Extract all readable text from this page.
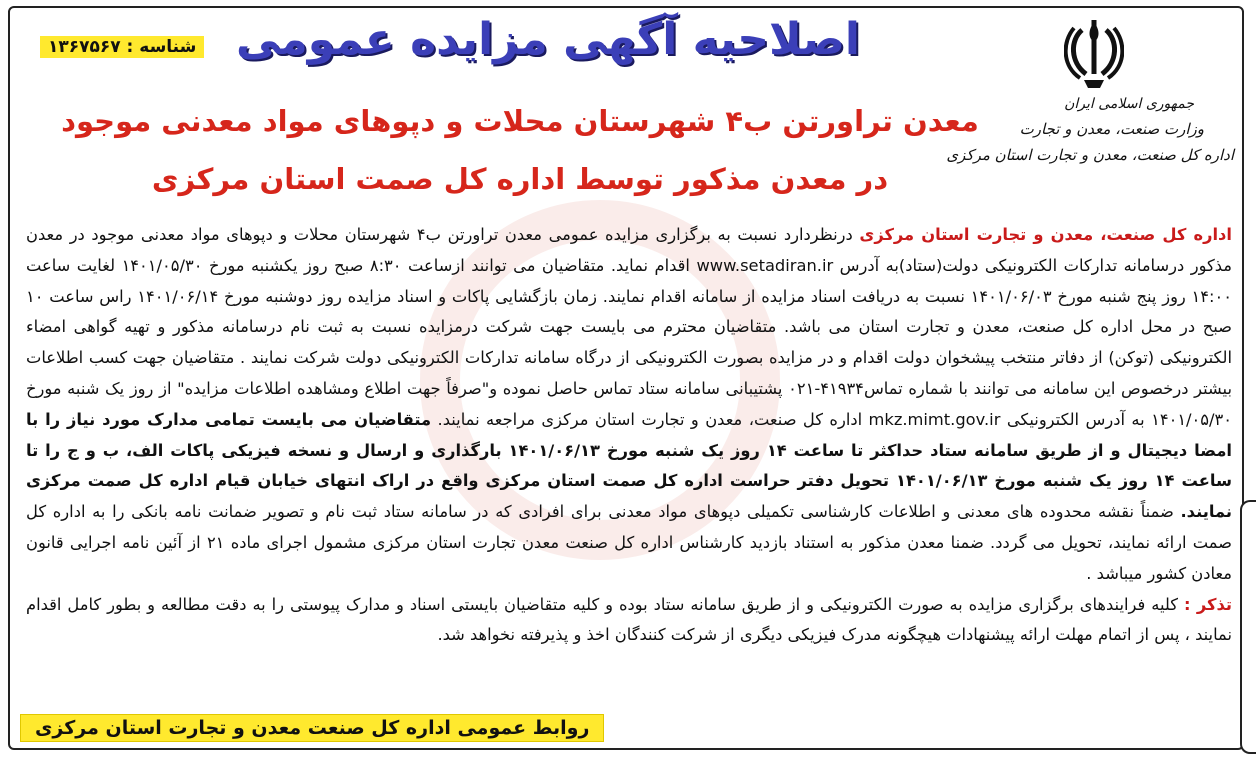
جمهوری اسلامی ایران
وزارت صنعت، معدن و تجارت
اداره کل صنعت، معدن و تجارت استان مرکزی
شناسه : ۱۳۶۷۵۶۷ اصلاحیه آگهی مزایده عمومی
معدن تراورتن ب۴ شهرستان محلات و دپوهای مواد معدنی موجود
در معدن مذکور توسط اداره کل صمت استان مرکزی

اداره کل صنعت، معدن و تجارت استان مرکزی درنظردارد نسبت به برگزاری مزایده عمومی معدن تراورتن ب۴ شهرستان محلات و دپوهای مواد معدنی موجود در معدن مذکور درسامانه تدارکات الکترونیکی دولت(ستاد)به آدرس www.setadiran.ir اقدام نماید. متقاضیان می توانند ازساعت ۸:۳۰ صبح روز یکشنبه مورخ ۱۴۰۱/۰۵/۳۰ لغایت ساعت ۱۴:۰۰ روز پنج شنبه مورخ ۱۴۰۱/۰۶/۰۳ نسبت به دریافت اسناد مزایده از سامانه اقدام نمایند. زمان بازگشایی پاکات و اسناد مزایده روز دوشنبه مورخ ۱۴۰۱/۰۶/۱۴ راس ساعت ۱۰ صبح در محل اداره کل صنعت، معدن و تجارت استان می باشد. متقاضیان محترم می بایست جهت شرکت درمزایده نسبت به ثبت نام درسامانه مذکور و تهیه گواهی امضاء الکترونیکی (توکن) از دفاتر منتخب پیشخوان دولت اقدام و در مزایده بصورت الکترونیکی از درگاه سامانه تدارکات الکترونیکی دولت شرکت نمایند . متقاضیان جهت کسب اطلاعات بیشتر درخصوص این سامانه می توانند با شماره تماس۴۱۹۳۴-۰۲۱ پشتیبانی سامانه ستاد تماس حاصل نموده و"صرفاً جهت اطلاع ومشاهده اطلاعات مزایده" از روز یک شنبه مورخ ۱۴۰۱/۰۵/۳۰ به آدرس الکترونیکی mkz.mimt.gov.ir اداره کل صنعت، معدن و تجارت استان مرکزی مراجعه نمایند. متقاضیان می بایست تمامی مدارک مورد نیاز را با امضا دیجیتال و از طریق سامانه ستاد حداکثر تا ساعت ۱۴ روز یک شنبه مورخ ۱۴۰۱/۰۶/۱۳ بارگذاری و ارسال و نسخه فیزیکی پاکات الف، ب و ج را تا ساعت ۱۴ روز یک شنبه مورخ ۱۴۰۱/۰۶/۱۳ تحویل دفتر حراست اداره کل صمت استان مرکزی واقع در اراک انتهای خیابان قیام اداره کل صمت مرکزی نمایند. ضمناً نقشه محدوده های معدنی و اطلاعات کارشناسی تکمیلی دپوهای مواد معدنی برای افرادی که در سامانه ستاد ثبت نام و تصویر ضمانت نامه بانکی را به اداره کل صمت ارائه نمایند، تحویل می گردد. ضمنا معدن مذکور به استناد بازدید کارشناس اداره کل صنعت معدن تجارت استان مرکزی مشمول اجرای ماده ۲۱ از آئین نامه اجرایی قانون معادن کشور میباشد .

تذکر : کلیه فرایندهای برگزاری مزایده به صورت الکترونیکی و از طریق سامانه ستاد بوده و کلیه متقاضیان بایستی اسناد و مدارک پیوستی را به دقت مطالعه و بطور کامل اقدام نمایند ، پس از اتمام مهلت ارائه پیشنهادات هیچگونه مدرک فیزیکی دیگری از شرکت کنندگان اخذ و پذیرفته نخواهد شد.

روابط عمومی اداره کل صنعت معدن و تجارت استان مرکزی
